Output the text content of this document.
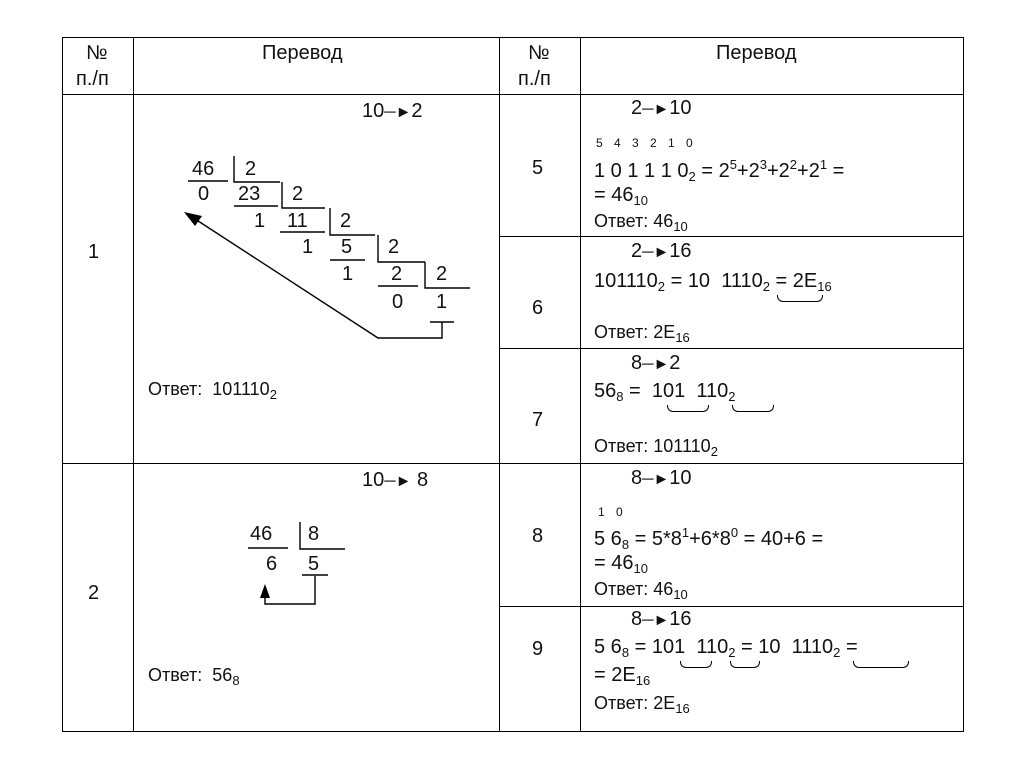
№
п./п
Перевод	№
п./п
Перевод
1
10─►2
46 2
0 23 2
1 11 2
1 5 2
1 2 2
0 1
Ответ: $101110_2$
2
10─► 8
46 8
6 5
Ответ: $56_8$
5
2─►10
5 4 3 2 1 0
1 0 1 1 1 $0_2 = 2^5+2^3+2^2+2^1$ =
= $46_{10}$
Ответ: $46_{10}$
6
2─►16
$101110_2 = 10$ $1110_2 = 2E_{16}$
Ответ: $2E_{16}$
7
8─►2
$56_8 = 101$ $110_2$
Ответ: $101110_2$
8
8─►10
1 0
5 $6_8 = 5*8^1+6*8^0 = 40+6$ =
= $46_{10}$
Ответ: $46_{10}$
9
8─►16
5 $6_8 = 101$ $110_2 = 10$ $1110_2$ =
= $2E_{16}$
Ответ: $2E_{16}$
